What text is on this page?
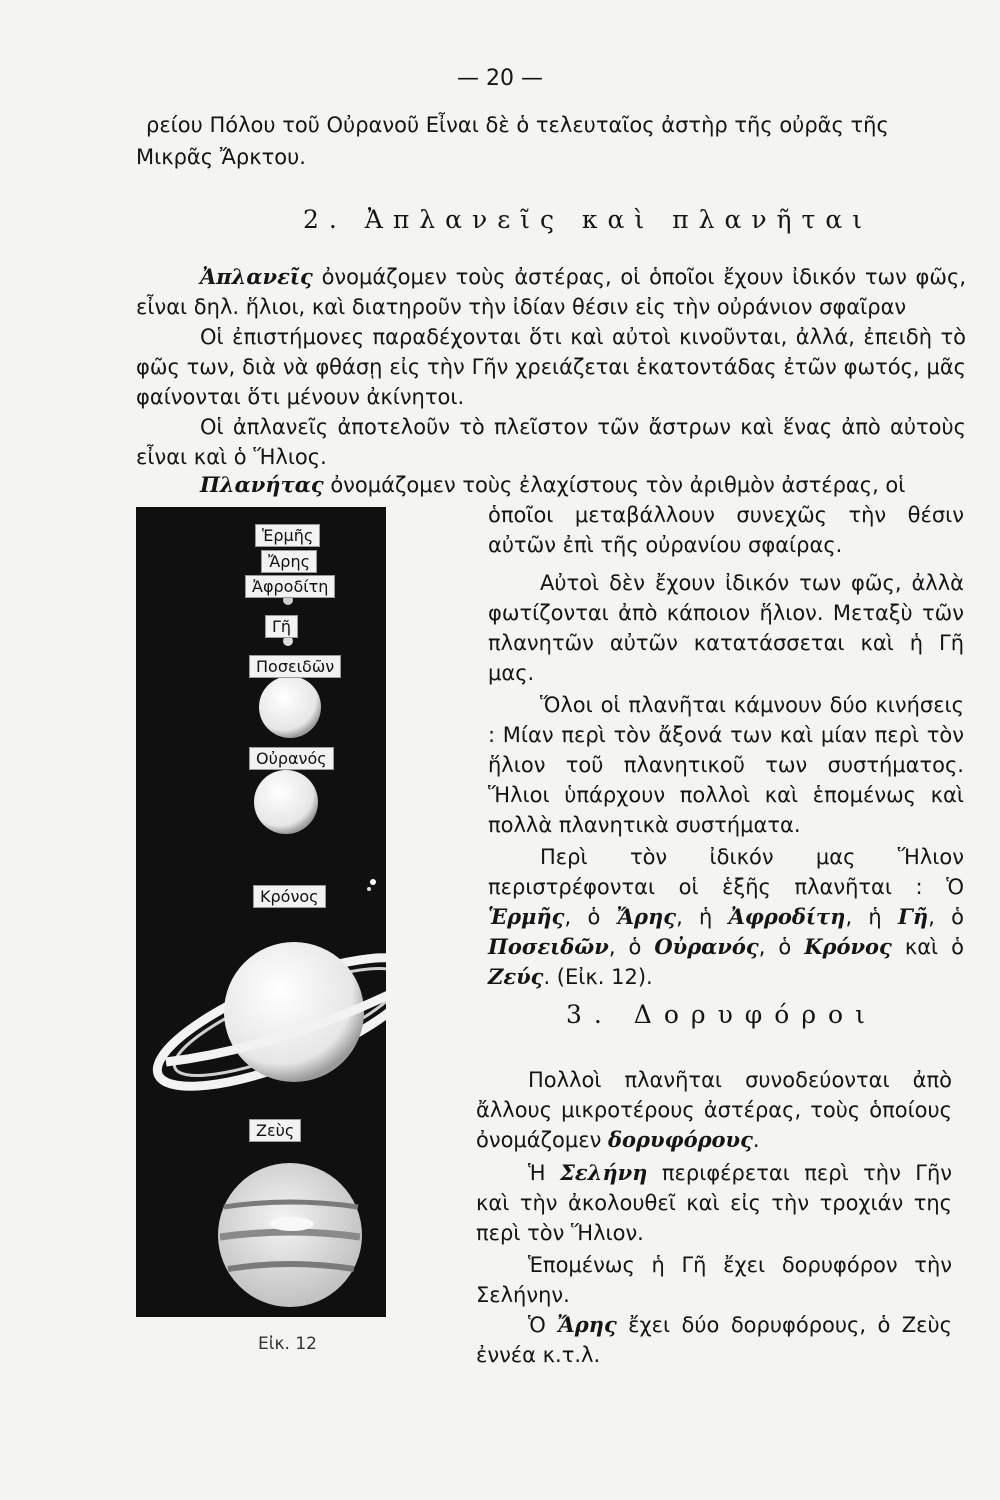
— 20 —

ρείου Πόλου τοῦ Οὐρανοῦ Εἶναι δὲ ὁ τελευταῖος ἀστὴρ τῆς οὐρᾶς τῆς

Μικρᾶς Ἄρκτου.

2. Ἀπλανεῖς καὶ πλανῆται

Ἀπλανεῖς ὀνομάζομεν τοὺς ἀστέρας, οἱ ὁποῖοι ἔχουν ἰδικόν των φῶς, εἶναι δηλ. ἥλιοι, καὶ διατηροῦν τὴν ἰδίαν θέσιν εἰς τὴν οὐράνιον σφαῖραν

Οἱ ἐπιστήμονες παραδέχονται ὅτι καὶ αὐτοὶ κινοῦνται, ἀλλά, ἐπειδὴ τὸ φῶς των, διὰ νὰ φθάσῃ εἰς τὴν Γῆν χρειάζεται ἑκατοντάδας ἐτῶν φωτός, μᾶς φαίνονται ὅτι μένουν ἀκίνητοι.

Οἱ ἀπλανεῖς ἀποτελοῦν τὸ πλεῖστον τῶν ἄστρων καὶ ἕνας ἀπὸ αὐτοὺς εἶναι καὶ ὁ Ἥλιος.

Πλανήτας ὀνομάζομεν τοὺς ἐλαχίστους τὸν ἀριθμὸν ἀστέρας, οἱ

ὁποῖοι μεταβάλλουν συνεχῶς τὴν θέσιν αὐτῶν ἐπὶ τῆς οὐρανίου σφαίρας.

Αὐτοὶ δὲν ἔχουν ἰδικόν των φῶς, ἀλλὰ φωτίζονται ἀπὸ κάποιον ἥλιον. Μεταξὺ τῶν πλανητῶν αὐτῶν κατατάσσεται καὶ ἡ Γῆ μας.

Ὅλοι οἱ πλανῆται κάμνουν δύο κινήσεις : Μίαν περὶ τὸν ἄξονά των καὶ μίαν περὶ τὸν ἥλιον τοῦ πλανητικοῦ των συστήματος. Ἥλιοι ὑπάρχουν πολλοὶ καὶ ἑπομένως καὶ πολλὰ πλανητικὰ συστήματα.

Περὶ τὸν ἰδικόν μας Ἥλιον περιστρέφονται οἱ ἑξῆς πλανῆται : Ὁ Ἑρμῆς, ὁ Ἄρης, ἡ Ἀφροδίτη, ἡ Γῆ, ὁ Ποσειδῶν, ὁ Οὐρανός, ὁ Κρόνος καὶ ὁ Ζεύς. (Εἰκ. 12).

3. Δορυφόροι

Πολλοὶ πλανῆται συνοδεύονται ἀπὸ ἄλλους μικροτέρους ἀστέρας, τοὺς ὁποίους ὀνομάζομεν δορυφόρους.

Ἡ Σελήνη περιφέρεται περὶ τὴν Γῆν καὶ τὴν ἀκολουθεῖ καὶ εἰς τὴν τροχιάν της περὶ τὸν Ἥλιον.

Ἑπομένως ἡ Γῆ ἔχει δορυφόρον τὴν Σελήνην.

Ὁ Ἄρης ἔχει δύο δορυφόρους, ὁ Ζεὺς ἐννέα κ.τ.λ.

Ἑρμῆς
Ἄρης
Ἀφροδίτη
Γῆ
Ποσειδῶν
Οὐρανός
Κρόνος
Ζεὺς
Εἰκ. 12
